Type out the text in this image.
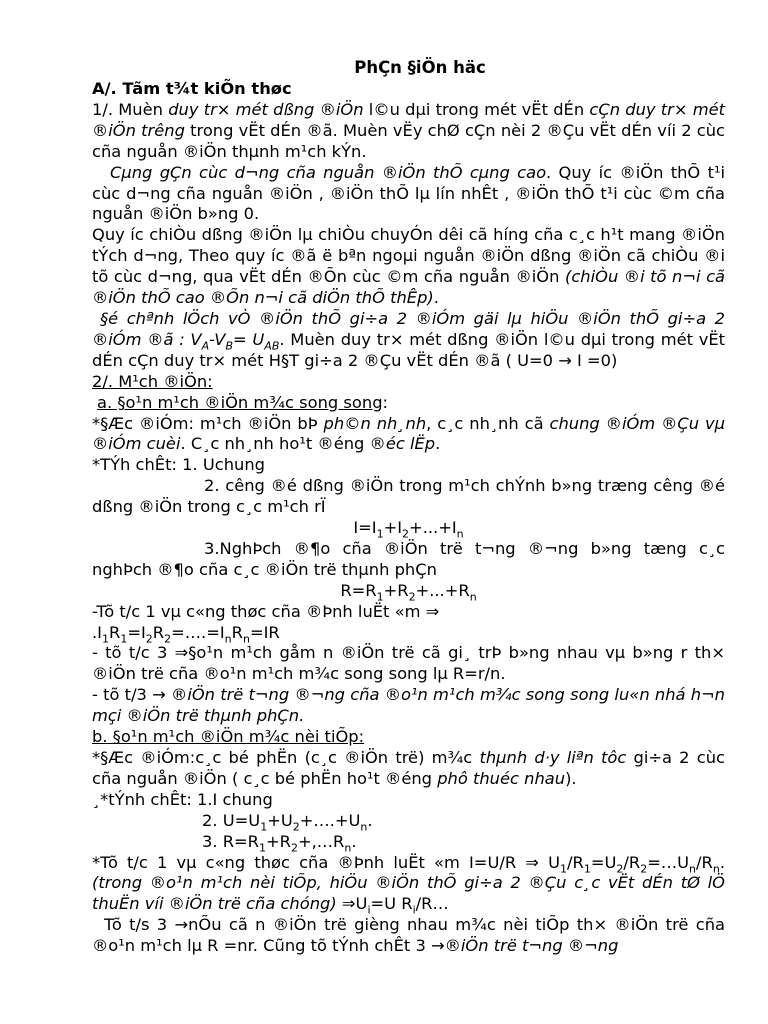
PhÇn §iÖn häc

A/. Tãm t¾t kiÕn thøc

1/. Muèn duy tr× mét dßng ®iÖn l©u dµi trong mét vËt dÉn cÇn duy tr× mét ®iÖn trêng trong vËt dÉn ®ã. Muèn vËy chØ cÇn nèi 2 ®Çu vËt dÉn víi 2 cùc cña nguån ®iÖn thµnh m¹ch kÝn.

Cµng gÇn cùc d¬ng cña nguån ®iÖn thÕ cµng cao. Quy íc ®iÖn thÕ t¹i cùc d¬ng cña nguån ®iÖn , ®iÖn thÕ lµ lín nhÊt , ®iÖn thÕ t¹i cùc ©m cña nguån ®iÖn b»ng 0.

Quy íc chiÒu dßng ®iÖn lµ chiÒu chuyÓn dêi cã híng cña c¸c h¹t mang ®iÖn tÝch d¬ng, Theo quy íc ®ã ë bªn ngoµi nguån ®iÖn dßng ®iÖn cã chiÒu ®i tõ cùc d¬ng, qua vËt dÉn ®Õn cùc ©m cña nguån ®iÖn (chiÒu ®i tõ n¬i cã ®iÖn thÕ cao ®Õn n¬i cã diÖn thÕ thÊp).

§é chªnh lÖch vÒ ®iÖn thÕ gi÷a 2 ®iÓm gäi lµ hiÖu ®iÖn thÕ gi÷a 2 ®iÓm ®ã : $V_A-V_B= U_{AB}$. Muèn duy tr× mét dßng ®iÖn l©u dµi trong mét vËt dÉn cÇn duy tr× mét H§T gi÷a 2 ®Çu vËt dÉn ®ã ( U=0 → I =0)

2/. M¹ch ®iÖn:

a. §o¹n m¹ch ®iÖn m¾c song song:

*§Æc ®iÓm: m¹ch ®iÖn bÞ ph©n nh¸nh, c¸c nh¸nh cã chung ®iÓm ®Çu vµ ®iÓm cuèi. C¸c nh¸nh ho¹t ®éng ®éc lËp.

*TÝh chÊt: 1. Uchung

2. cêng ®é dßng ®iÖn trong m¹ch chÝnh b»ng træng cêng ®é dßng ®iÖn trong c¸c m¹ch rÏ

$I=I_1+I_2+...+I_n$

3.NghÞch ®¶o cña ®iÖn trë t¬ng ®¬ng b»ng tæng c¸c nghÞch ®¶o cña c¸c ®iÖn trë thµnh phÇn

$R=R_1+R_2+...+R_n$

-Tõ t/c 1 vµ c«ng thøc cña ®Þnh luËt «m ⇒

$.I_1R_1=I_2R_2=\dots.=I_nR_n=IR$

- tõ t/c 3 ⇒§o¹n m¹ch gåm n ®iÖn trë cã gi¸ trÞ b»ng nhau vµ b»ng r th× ®iÖn trë cña ®o¹n m¹ch m¾c song song lµ R=r/n.

- tõ t/3 → ®iÖn trë t¬ng ®¬ng cña ®o¹n m¹ch m¾c song song lu«n nhá h¬n mçi ®iÖn trë thµnh phÇn.

b. §o¹n m¹ch ®iÖn m¾c nèi tiÕp:

*§Æc ®iÓm:c¸c bé phËn (c¸c ®iÖn trë) m¾c thµnh d·y liªn tôc gi÷a 2 cùc cña nguån ®iÖn ( c¸c bé phËn ho¹t ®éng phô thuéc nhau).

¸*tÝnh chÊt: 1.I chung

2. $U=U_1+U_2+\dots.+U_n$.

3. $R=R_1+R_2+,\dots R_n$.

*Tõ t/c 1 vµ c«ng thøc cña ®Þnh luËt «m I=U/R ⇒ $U_1/R_1=U_2/R_2=\dots U_n/R_n$. (trong ®o¹n m¹ch nèi tiÕp, hiÖu ®iÖn thÕ gi÷a 2 ®Çu c¸c vËt dÉn tØ lÖ thuËn víi ®iÖn trë cña chóng) $\Rightarrow U_i=U$ $R_i/R\dots$

Tõ t/s 3 →nÕu cã n ®iÖn trë gièng nhau m¾c nèi tiÕp th× ®iÖn trë cña ®o¹n m¹ch lµ R =nr. Cũng tõ tÝnh chÊt 3 →®iÖn trë t¬ng ®¬ng
